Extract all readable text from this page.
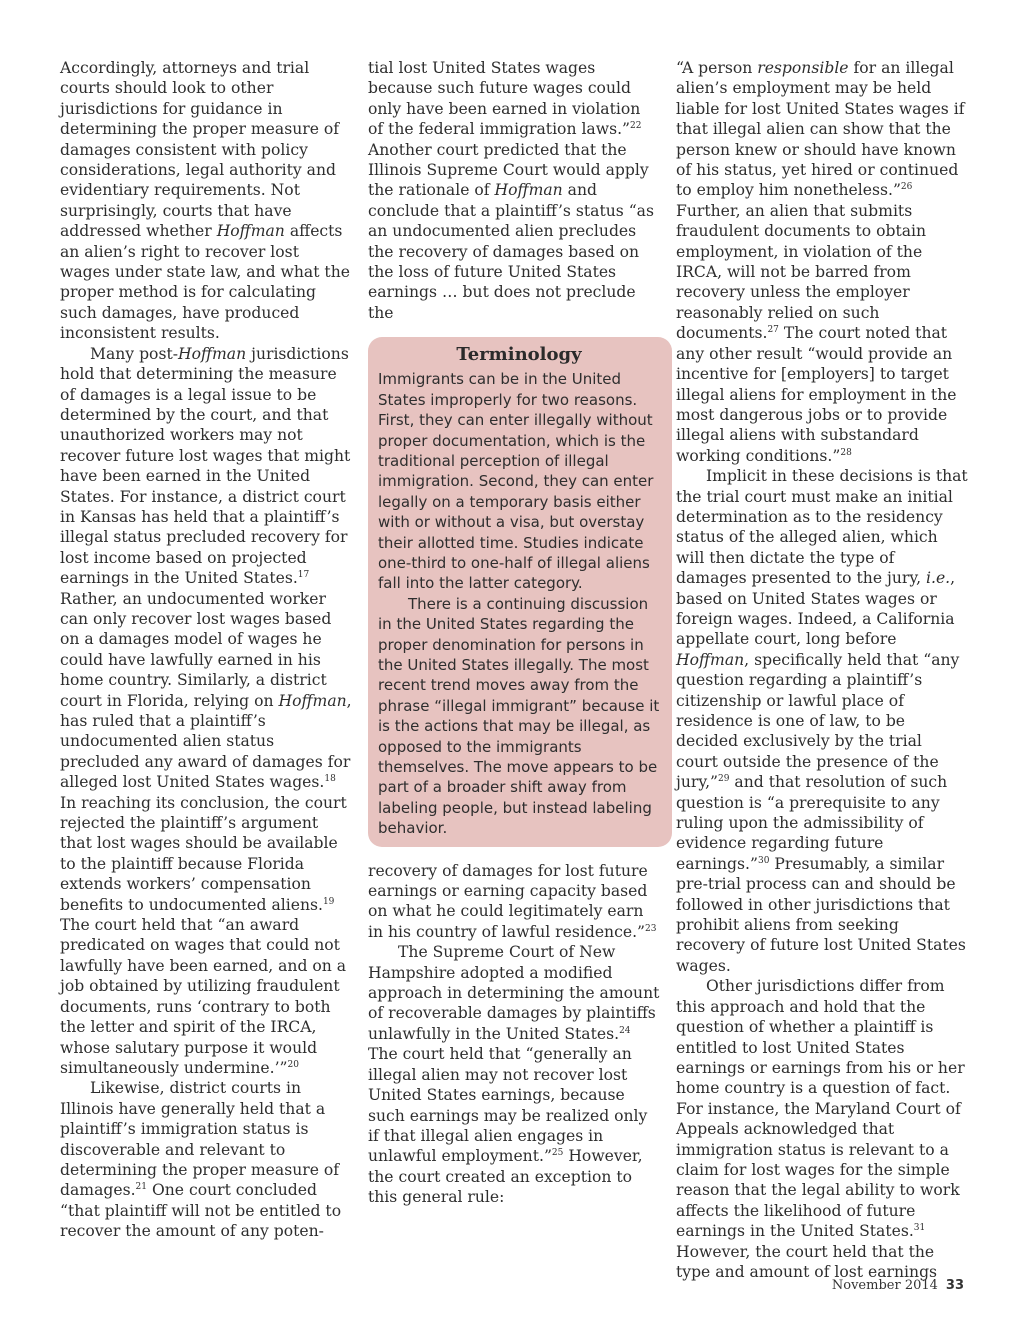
Accordingly, attorneys and trial courts should look to other jurisdictions for guidance in determining the proper measure of damages consistent with policy considerations, legal authority and evidentiary requirements. Not surprisingly, courts that have addressed whether Hoffman affects an alien’s right to recover lost wages under state law, and what the proper method is for calculating such damages, have produced inconsistent results.

Many post-Hoffman jurisdictions hold that determining the measure of damages is a legal issue to be determined by the court, and that unauthorized workers may not recover future lost wages that might have been earned in the United States. For instance, a district court in Kansas has held that a plaintiff’s illegal status precluded recovery for lost income based on projected earnings in the United States.$^{17}$ Rather, an undocumented worker can only recover lost wages based on a damages model of wages he could have lawfully earned in his home country. Similarly, a district court in Florida, relying on Hoffman, has ruled that a plaintiff’s undocumented alien status precluded any award of damages for alleged lost United States wages.$^{18}$ In reaching its conclusion, the court rejected the plaintiff’s argument that lost wages should be available to the plaintiff because Florida extends workers’ compensation benefits to undocumented aliens.$^{19}$ The court held that “an award predicated on wages that could not lawfully have been earned, and on a job obtained by utilizing fraudulent documents, runs ‘contrary to both the letter and spirit of the IRCA, whose salutary purpose it would simultaneously undermine.’”$^{20}$

Likewise, district courts in Illinois have generally held that a plaintiff’s immigration status is discoverable and relevant to determining the proper measure of damages.$^{21}$ One court concluded “that plaintiff will not be entitled to recover the amount of any poten-

tial lost United States wages because such future wages could only have been earned in violation of the federal immigration laws.”$^{22}$ Another court predicted that the Illinois Supreme Court would apply the rationale of Hoffman and conclude that a plaintiff’s status “as an undocumented alien precludes the recovery of damages based on the loss of future United States earnings … but does not preclude the

Terminology

Immigrants can be in the United States improperly for two reasons. First, they can enter illegally without proper documentation, which is the traditional perception of illegal immigration. Second, they can enter legally on a temporary basis either with or without a visa, but overstay their allotted time. Studies indicate one-third to one-half of illegal aliens fall into the latter category.

There is a continuing discussion in the United States regarding the proper denomination for persons in the United States illegally. The most recent trend moves away from the phrase “illegal immigrant” because it is the actions that may be illegal, as opposed to the immigrants themselves. The move appears to be part of a broader shift away from labeling people, but instead labeling behavior.

recovery of damages for lost future earnings or earning capacity based on what he could legitimately earn in his country of lawful residence.”$^{23}$

The Supreme Court of New Hampshire adopted a modified approach in determining the amount of recoverable damages by plaintiffs unlawfully in the United States.$^{24}$ The court held that “generally an illegal alien may not recover lost United States earnings, because such earnings may be realized only if that illegal alien engages in unlawful employment.”$^{25}$ However, the court created an exception to this general rule:

“A person responsible for an illegal alien’s employment may be held liable for lost United States wages if that illegal alien can show that the person knew or should have known of his status, yet hired or continued to employ him nonetheless.”$^{26}$ Further, an alien that submits fraudulent documents to obtain employment, in violation of the IRCA, will not be barred from recovery unless the employer reasonably relied on such documents.$^{27}$ The court noted that any other result “would provide an incentive for [employers] to target illegal aliens for employment in the most dangerous jobs or to provide illegal aliens with substandard working conditions.”$^{28}$

Implicit in these decisions is that the trial court must make an initial determination as to the residency status of the alleged alien, which will then dictate the type of damages presented to the jury, i.e., based on United States wages or foreign wages. Indeed, a California appellate court, long before Hoffman, specifically held that “any question regarding a plaintiff’s citizenship or lawful place of residence is one of law, to be decided exclusively by the trial court outside the presence of the jury,”$^{29}$ and that resolution of such question is “a prerequisite to any ruling upon the admissibility of evidence regarding future earnings.”$^{30}$ Presumably, a similar pre-trial process can and should be followed in other jurisdictions that prohibit aliens from seeking recovery of future lost United States wages.

Other jurisdictions differ from this approach and hold that the question of whether a plaintiff is entitled to lost United States earnings or earnings from his or her home country is a question of fact. For instance, the Maryland Court of Appeals acknowledged that immigration status is relevant to a claim for lost wages for the simple reason that the legal ability to work affects the likelihood of future earnings in the United States.$^{31}$ However, the court held that the type and amount of lost earnings

November 2014 33
